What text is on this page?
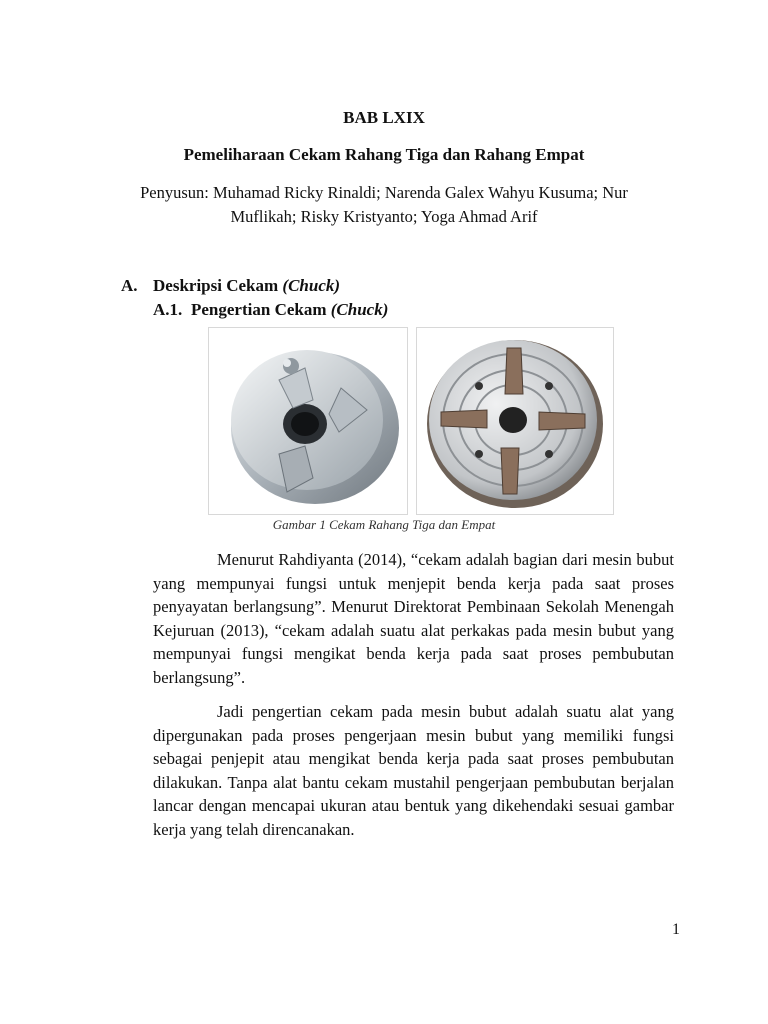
BAB LXIX
Pemeliharaan Cekam Rahang Tiga dan Rahang Empat
Penyusun: Muhamad Ricky Rinaldi; Narenda Galex Wahyu Kusuma; Nur Muflikah; Risky Kristyanto; Yoga Ahmad Arif
A. Deskripsi Cekam (Chuck)
A.1. Pengertian Cekam (Chuck)
Gambar 1 Cekam Rahang Tiga dan Empat

Menurut Rahdiyanta (2014), “cekam adalah bagian dari mesin bubut yang mempunyai fungsi untuk menjepit benda kerja pada saat proses penyayatan berlangsung”. Menurut Direktorat Pembinaan Sekolah Menengah Kejuruan (2013), “cekam adalah suatu alat perkakas pada mesin bubut yang mempunyai fungsi mengikat benda kerja pada saat proses pembubutan berlangsung”.

Jadi pengertian cekam pada mesin bubut adalah suatu alat yang dipergunakan pada proses pengerjaan mesin bubut yang memiliki fungsi sebagai penjepit atau mengikat benda kerja pada saat proses pembubutan dilakukan. Tanpa alat bantu cekam mustahil pengerjaan pembubutan berjalan lancar dengan mencapai ukuran atau bentuk yang dikehendaki sesuai gambar kerja yang telah direncanakan.

1
